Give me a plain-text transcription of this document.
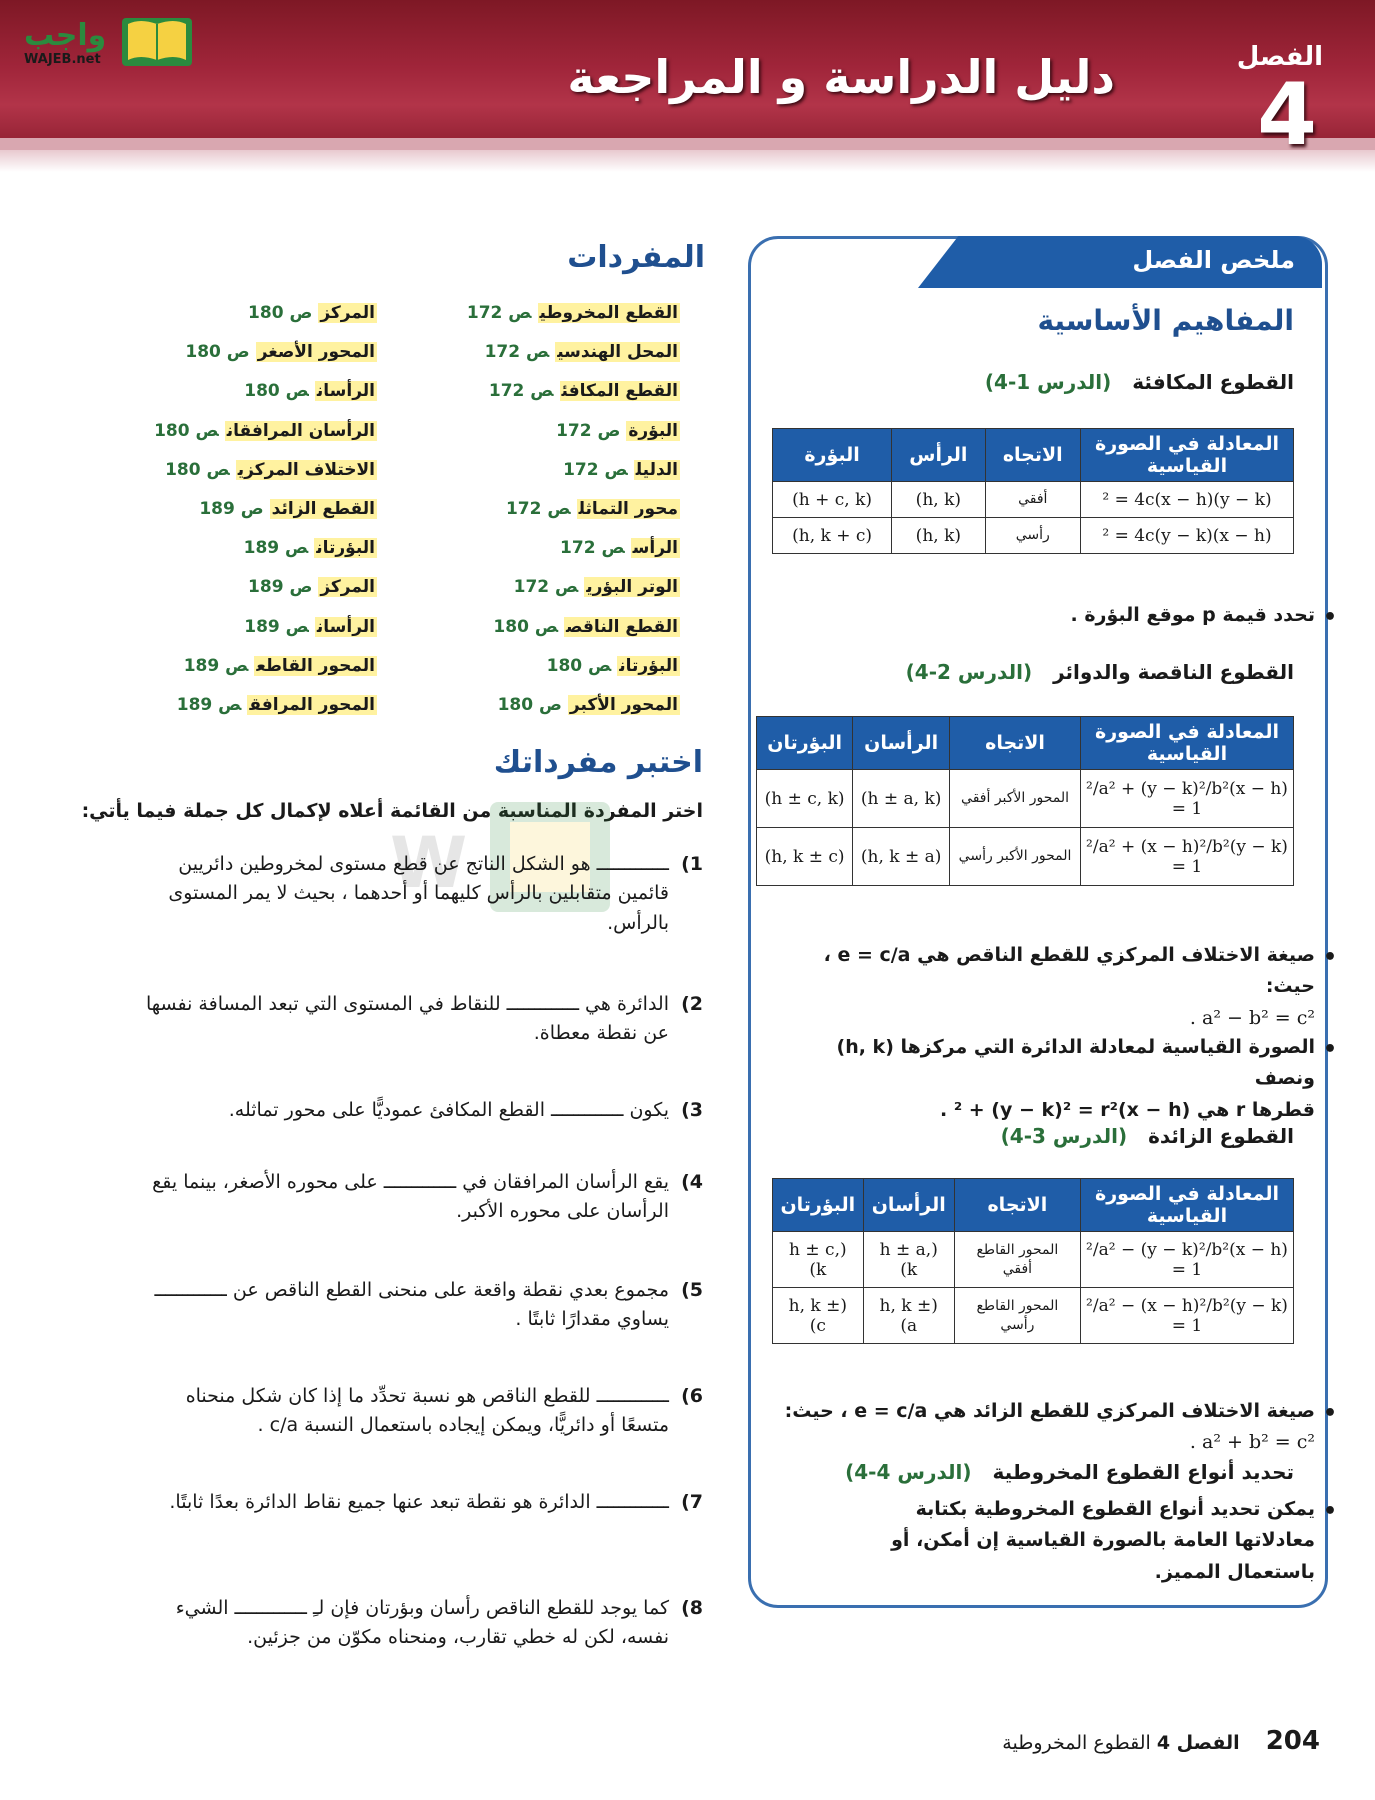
دليل الدراسة و المراجعة	الفصل
4
واجب
WAJEB.net
ملخص الفصل
المفاهيم الأساسية
القطوع المكافئة (الدرس 1-4)
المعادلة في الصورة القياسية	الاتجاه	الرأس	البؤرة
(y − k)² = 4c(x − h)	أفقي	(h, k)	(h + c, k)
(x − h)² = 4c(y − k)	رأسي	(h, k)	(h, k + c)
• تحدد قيمة p موقع البؤرة .
القطوع الناقصة والدوائر (الدرس 2-4)
المعادلة في الصورة القياسية	الاتجاه	الرأسان	البؤرتان
(x − h)²/a² + (y − k)²/b² = 1	المحور الأكبر أفقي	(h ± a, k)	(h ± c, k)
(y − k)²/a² + (x − h)²/b² = 1	المحور الأكبر رأسي	(h, k ± a)	(h, k ± c)
• صيغة الاختلاف المركزي للقطع الناقص هي e = c/a ، حيث:
a² − b² = c² .
• الصورة القياسية لمعادلة الدائرة التي مركزها (h, k) ونصف
قطرها r هي (x − h)² + (y − k)² = r² .
القطوع الزائدة (الدرس 3-4)
المعادلة في الصورة القياسية	الاتجاه	الرأسان	البؤرتان
(x − h)²/a² − (y − k)²/b² = 1	المحور القاطع أفقي	(h ± a, k)	(h ± c, k)
(y − k)²/a² − (x − h)²/b² = 1	المحور القاطع رأسي	(h, k ± a)	(h, k ± c)
• صيغة الاختلاف المركزي للقطع الزائد هي e = c/a ، حيث:
a² + b² = c² .
تحديد أنواع القطوع المخروطية (الدرس 4-4)
• يمكن تحديد أنواع القطوع المخروطية بكتابة معادلاتها العامة بالصورة القياسية إن أمكن، أو باستعمال المميز.
المفردات
القطع المخروطيص 172
المحل الهندسيص 172
القطع المكافئص 172
البؤرةص 172
الدليلص 172
محور التماثلص 172
الرأسص 172
الوتر البؤريص 172
القطع الناقصص 180
البؤرتانص 180
المحور الأكبرص 180
المركزص 180
المحور الأصغرص 180
الرأسانص 180
الرأسان المرافقانص 180
الاختلاف المركزيص 180
القطع الزائدص 189
البؤرتانص 189
المركزص 189
الرأسانص 189
المحور القاطعص 189
المحور المرافقص 189
اختبر مفرداتك
اختر المفردة المناسبة من القائمة أعلاه لإكمال كل جملة فيما يأتي:
W	1)
ـــــــــــــ هو الشكل الناتج عن قطع مستوى لمخروطين دائريين قائمين متقابلين بالرأس كليهما أو أحدهما ، بحيث لا يمر المستوى بالرأس.
2)
الدائرة هي ـــــــــــــ للنقاط في المستوى التي تبعد المسافة نفسها عن نقطة معطاة.
3)
يكون ـــــــــــــ القطع المكافئ عموديًّا على محور تماثله.
4)
يقع الرأسان المرافقان في ـــــــــــــ على محوره الأصغر، بينما يقع الرأسان على محوره الأكبر.
5)
مجموع بعدي نقطة واقعة على منحنى القطع الناقص عن ـــــــــــــ يساوي مقدارًا ثابتًا .
6)
ـــــــــــــ للقطع الناقص هو نسبة تحدِّد ما إذا كان شكل منحناه متسعًا أو دائريًّا، ويمكن إيجاده باستعمال النسبة c/a .
7)
ـــــــــــــ الدائرة هو نقطة تبعد عنها جميع نقاط الدائرة بعدًا ثابتًا.
8)
كما يوجد للقطع الناقص رأسان وبؤرتان فإن لـِ ـــــــــــــ الشيء نفسه، لكن له خطي تقارب، ومنحناه مكوّن من جزئين.
204 الفصل 4 القطوع المخروطية
